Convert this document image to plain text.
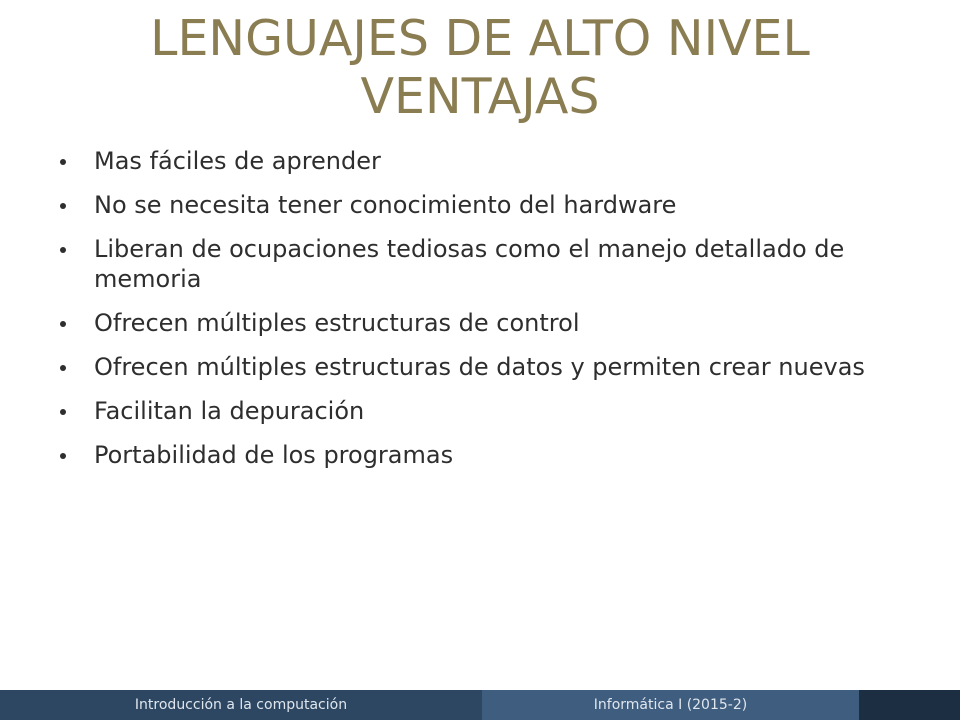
LENGUAJES DE ALTO NIVEL
VENTAJAS
Mas fáciles de aprender
No se necesita tener conocimiento del hardware
Liberan de ocupaciones tediosas como el manejo detallado de memoria
Ofrecen múltiples estructuras de control
Ofrecen múltiples estructuras de datos y permiten crear nuevas
Facilitan la depuración
Portabilidad de los programas
Introducción a la computación	Informática I (2015-2)
